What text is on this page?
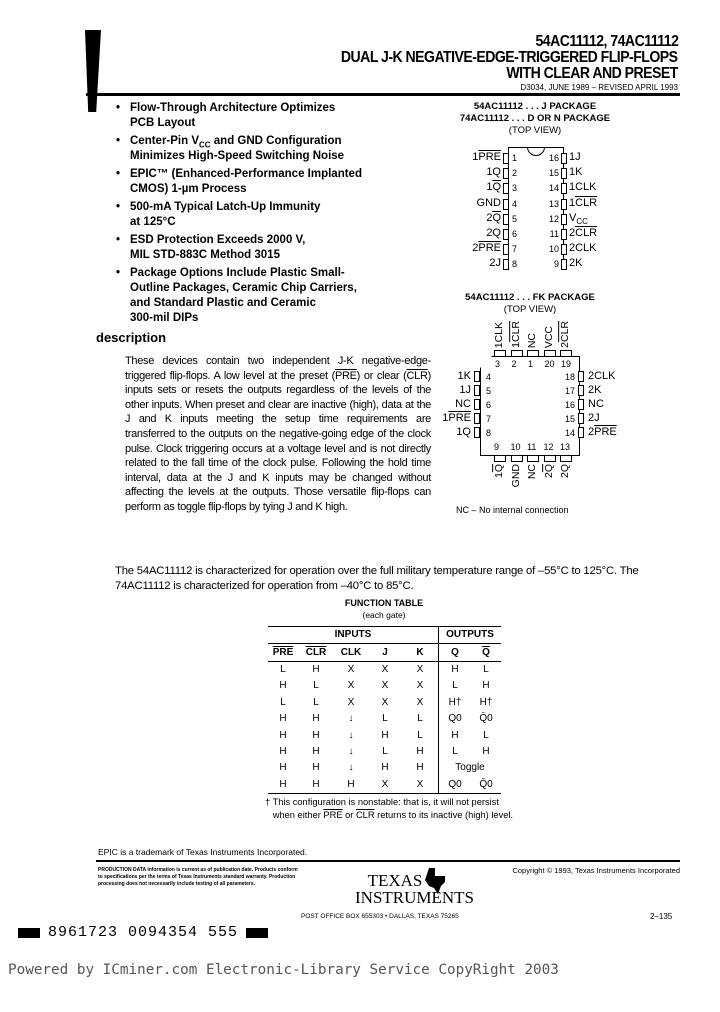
54AC11112, 74AC11112
DUAL J-K NEGATIVE-EDGE-TRIGGERED FLIP-FLOPS
WITH CLEAR AND PRESET
D3034, JUNE 1989 – REVISED APRIL 1993
description
These devices contain two independent J-K negative-edge-triggered flip-flops. A low level at the preset $(\overline{PRE})$ or clear $(\overline{CLR})$ inputs sets or resets the outputs regardless of the levels of the other inputs. When preset and clear are inactive (high), data at the J and K inputs meeting the setup time requirements are transferred to the outputs on the negative-going edge of the clock pulse. Clock triggering occurs at a voltage level and is not directly related to the fall time of the clock pulse. Following the hold time interval, data at the J and K inputs may be changed without affecting the levels at the outputs. Those versatile flip-flops can perform as toggle flip-flops by tying J and K high.
The 54AC11112 is characterized for operation over the full military temperature range of –55°C to 125°C. The 74AC11112 is characterized for operation from –40°C to 85°C.
54AC11112 . . . J PACKAGE
74AC11112 . . . D OR N PACKAGE
(TOP VIEW)
54AC11112 . . . FK PACKAGE
(TOP VIEW)
NC – No internal connection
FUNCTION TABLE
(each gate)
INPUTS					OUTPUTS	
$\overline{PRE}$	$\overline{CLR}$	CLK	J	K	Q	$\overline{Q}$
L	H	X	X	X	H	L
H	L	X	X	X	L	H
L	L	X	X	X	H†	H†
H	H	↓	L	L	Q0	Q̄0
H	H	↓	H	L	H	L
H	H	↓	L	H	L	H
H	H	↓	H	H	Toggle	
H	H	H	X	X	Q0	Q̄0
† This configuration is nonstable: that is, it will not persist
when either $\overline{PRE}$ or $\overline{CLR}$ returns to its inactive (high) level.
EPIC is a trademark of Texas Instruments Incorporated.
PRODUCTION DATA information is current as of publication date. Products conform to specifications per the terms of Texas Instruments standard warranty. Production processing does not necessarily include testing of all parameters.
Copyright © 1993, Texas Instruments Incorporated
TEXAS
INSTRUMENTS
POST OFFICE BOX 655303 • DALLAS, TEXAS 75265	2–135
8961723 0094354 555
Powered by ICminer.com Electronic-Library Service CopyRight 2003
• Flow-Through Architecture Optimizes
PCB Layout
• Center-Pin $V_{CC}$ and GND Configuration
Minimizes High-Speed Switching Noise
• EPIC™ (Enhanced-Performance Implanted
CMOS) 1-µm Process
• 500-mA Typical Latch-Up Immunity
at 125°C
• ESD Protection Exceeds 2000 V,
MIL STD-883C Method 3015
• Package Options Include Plastic Small-
Outline Packages, Ceramic Chip Carriers,
and Standard Plastic and Ceramic
300-mil DIPs
$1\overline{PRE}$ 1
1Q 2
$1\overline{Q}$ 3
GND 4
$2\overline{Q}$ 5
2Q 6
$2\overline{PRE}$ 7
2J 8
1J
16
1K
15
1CLK
14
$1\overline{CLR}$
13
$V_{CC}$
12
$2\overline{CLR}$
11
2CLK
10
2K
9
1CLK
3
1CLR
2
NC
1
VCC
20
2CLR
19
9
1Q
10
GND
11
NC
12
2Q
13
2Q
1K 4
1J 5
NC 6
$1\overline{PRE}$ 7
1Q 8
2CLK
18
2K
17
NC
16
2J
15
$2\overline{PRE}$
14
